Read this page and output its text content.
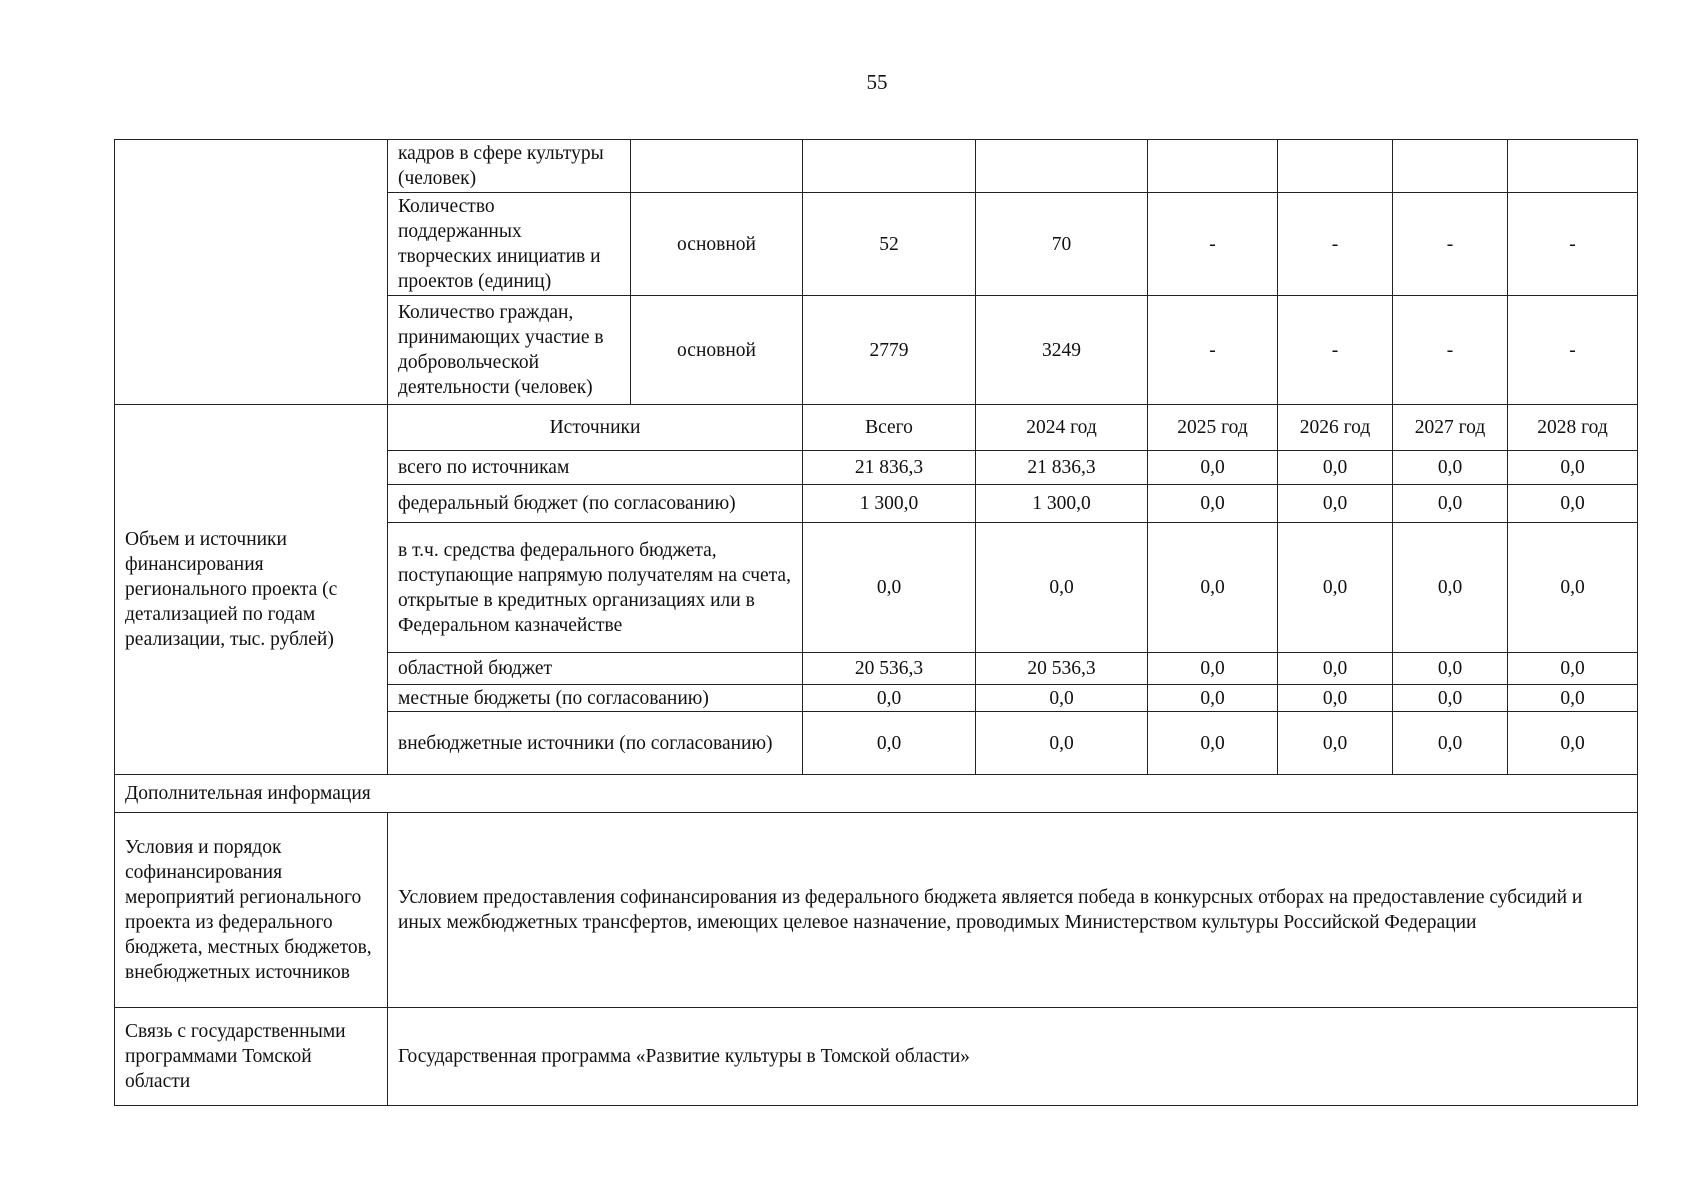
55
	кадров в сфере культуры (человек)							
	Количество поддержанных творческих инициатив и проектов (единиц)	основной	52	70	-	-	-	-
	Количество граждан, принимающих участие в добровольческой деятельности (человек)	основной	2779	3249	-	-	-	-
Объем и источники финансирования регионального проекта (с детализацией по годам реализации, тыс. рублей)	Источники		Всего	2024 год	2025 год	2026 год	2027 год	2028 год
	всего по источникам		21 836,3	21 836,3	0,0	0,0	0,0	0,0
	федеральный бюджет (по согласованию)		1 300,0	1 300,0	0,0	0,0	0,0	0,0
	в т.ч. средства федерального бюджета, поступающие напрямую получателям на счета, открытые в кредитных организациях или в Федеральном казначействе		0,0	0,0	0,0	0,0	0,0	0,0
	областной бюджет		20 536,3	20 536,3	0,0	0,0	0,0	0,0
	местные бюджеты (по согласованию)		0,0	0,0	0,0	0,0	0,0	0,0
	внебюджетные источники (по согласованию)		0,0	0,0	0,0	0,0	0,0	0,0
Дополнительная информация								
Условия и порядок софинансирования мероприятий регионального проекта из федерального бюджета, местных бюджетов, внебюджетных источников	Условием предоставления софинансирования из федерального бюджета является победа в конкурсных отборах на предоставление субсидий и иных межбюджетных трансфертов, имеющих целевое назначение, проводимых Министерством культуры Российской Федерации							
Связь с государственными программами Томской области	Государственная программа «Развитие культуры в Томской области»							
